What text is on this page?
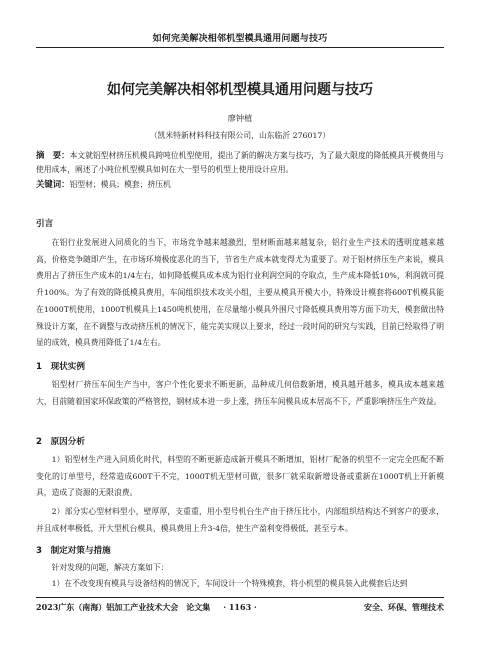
如何完美解决相邻机型模具通用问题与技巧
如何完美解决相邻机型模具通用问题与技巧
廖钟植
（凯米特新材料科技有限公司，山东临沂 276017）
摘　要：本文就铝型材挤压机模具跨吨位机型使用，提出了新的解决方案与技巧，为了最大限度的降低模具开模费用与使用成本，阐述了小吨位机型模具如何在大一型号的机型上使用设计应用。
关键词：铝型材；模具；模套；挤压机
引言

在铝行业发展进入同质化的当下，市场竞争越来越激烈，型材断面越来越复杂，铝行业生产技术的透明度越来越高，价格竞争随即产生，在市场环境极度恶化的当下，节省生产成本就变得尤为重要了。对于铝材挤压生产来说，模具费用占了挤压生产成本的1/4左右，如何降低模具成本成为铝行业利润空间的夺取点，生产成本降低10%，利润就可提升100%。为了有效的降低模具费用，车间组织技术攻关小组，主要从模具开模大小，特殊设计模套将600T机模具能在1000T机使用，1000T机模具上1450吨机使用，在尽量缩小模具外围尺寸降低模具费用等方面下功夫，模套做出特殊设计方案，在不调整与改动挤压机的情况下，能完美实现以上要求，经过一段时间的研究与实践，目前已经取得了明显的成效，模具费用降低了1/4左右。

1　现状实例

铝型材厂挤压车间生产当中，客户个性化要求不断更新，品种成几何倍数新增，模具越开越多，模具成本越来越大，目前随着国家环保政策的严格管控，钢材成本进一步上涨，挤压车间模具成本居高不下，严重影响挤压生产效益。

2　原因分析

1）铝型材生产进入同质化时代，料型的不断更新造成新开模具不断增加，铝材厂配备的机型不一定完全匹配不断变化的订单型号，经常造成600T干不完，1000T机无型材可做，很多厂就采取新增设备或重新在1000T机上开新模具，造成了资源的无限浪费。

2）部分实心型材料型小，壁厚厚，支重重，用小型号机台生产由于挤压比小，内部组织结构达不到客户的要求，并且成材率极低，开大型机台模具，模具费用上升3-4倍，使生产盈利变得极低，甚至亏本。

3　制定对策与措施

针对发现的问题，解决方案如下：

1）在不改变现有模具与设备结构的情况下，车间设计一个特殊模套，将小机型的模具装入此模套后达到

2023广东（南海）铝加工产业技术大会　论文集	· 1163 ·	安全、环保、管理技术
